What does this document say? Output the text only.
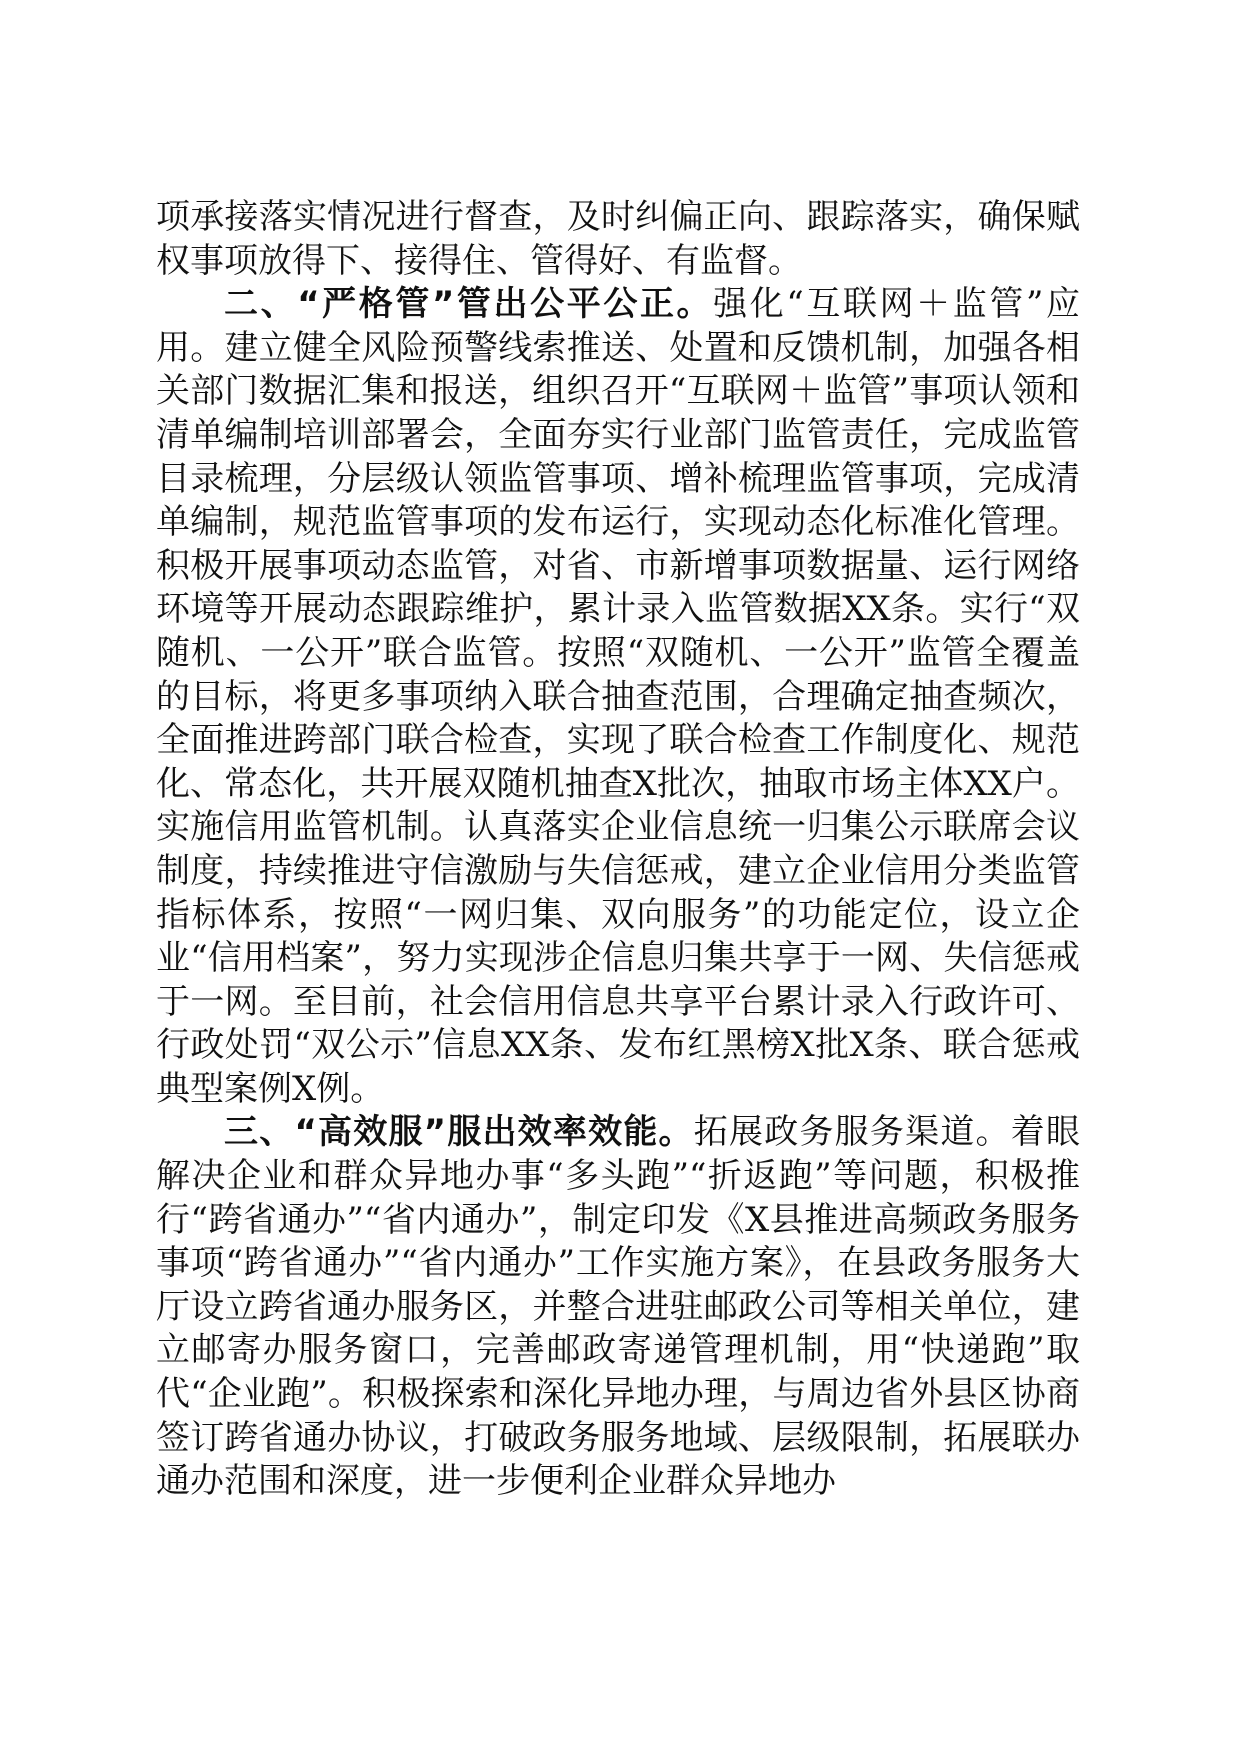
项承接落实情况进行督查，及时纠偏正向、跟踪落实，确保赋权事项放得下、接得住、管得好、有监督。

二、“严格管”管出公平公正。强化“互联网＋监管”应用。建立健全风险预警线索推送、处置和反馈机制，加强各相关部门数据汇集和报送，组织召开“互联网＋监管”事项认领和清单编制培训部署会，全面夯实行业部门监管责任，完成监管目录梳理，分层级认领监管事项、增补梳理监管事项，完成清单编制，规范监管事项的发布运行，实现动态化标准化管理。积极开展事项动态监管，对省、市新增事项数据量、运行网络环境等开展动态跟踪维护，累计录入监管数据XX条。实行“双随机、一公开”联合监管。按照“双随机、一公开”监管全覆盖的目标，将更多事项纳入联合抽查范围，合理确定抽查频次，全面推进跨部门联合检查，实现了联合检查工作制度化、规范化、常态化，共开展双随机抽查X批次，抽取市场主体XX户。实施信用监管机制。认真落实企业信息统一归集公示联席会议制度，持续推进守信激励与失信惩戒，建立企业信用分类监管指标体系，按照“一网归集、双向服务”的功能定位，设立企业“信用档案”，努力实现涉企信息归集共享于一网、失信惩戒于一网。至目前，社会信用信息共享平台累计录入行政许可、行政处罚“双公示”信息XX条、发布红黑榜X批X条、联合惩戒典型案例X例。

三、“高效服”服出效率效能。拓展政务服务渠道。着眼解决企业和群众异地办事“多头跑”“折返跑”等问题，积极推行“跨省通办”“省内通办”，制定印发《X县推进高频政务服务事项“跨省通办”“省内通办”工作实施方案》，在县政务服务大厅设立跨省通办服务区，并整合进驻邮政公司等相关单位，建立邮寄办服务窗口，完善邮政寄递管理机制，用“快递跑”取代“企业跑”。积极探索和深化异地办理，与周边省外县区协商签订跨省通办协议，打破政务服务地域、层级限制，拓展联办通办范围和深度，进一步便利企业群众异地办
